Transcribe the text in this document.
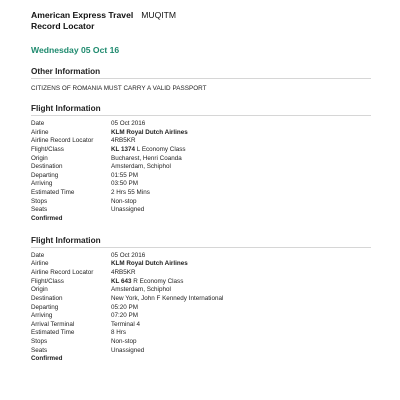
American Express Travel MUQITM
Record Locator
Wednesday 05 Oct 16
Other Information
CITIZENS OF ROMANIA MUST CARRY A VALID PASSPORT
Flight Information
Date	05 Oct 2016
Airline	KLM Royal Dutch Airlines
Airline Record Locator	4RB5KR
Flight/Class	KL 1374 L Economy Class
Origin	Bucharest, Henri Coanda
Destination	Amsterdam, Schiphol
Departing	01:55 PM
Arriving	03:50 PM
Estimated Time	2 Hrs 55 Mins
Stops	Non-stop
Seats	Unassigned
Confirmed
Flight Information
Date	05 Oct 2016
Airline	KLM Royal Dutch Airlines
Airline Record Locator	4RB5KR
Flight/Class	KL 643 R Economy Class
Origin	Amsterdam, Schiphol
Destination	New York, John F Kennedy International
Departing	05:20 PM
Arriving	07:20 PM
Arrival Terminal	Terminal 4
Estimated Time	8 Hrs
Stops	Non-stop
Seats	Unassigned
Confirmed
